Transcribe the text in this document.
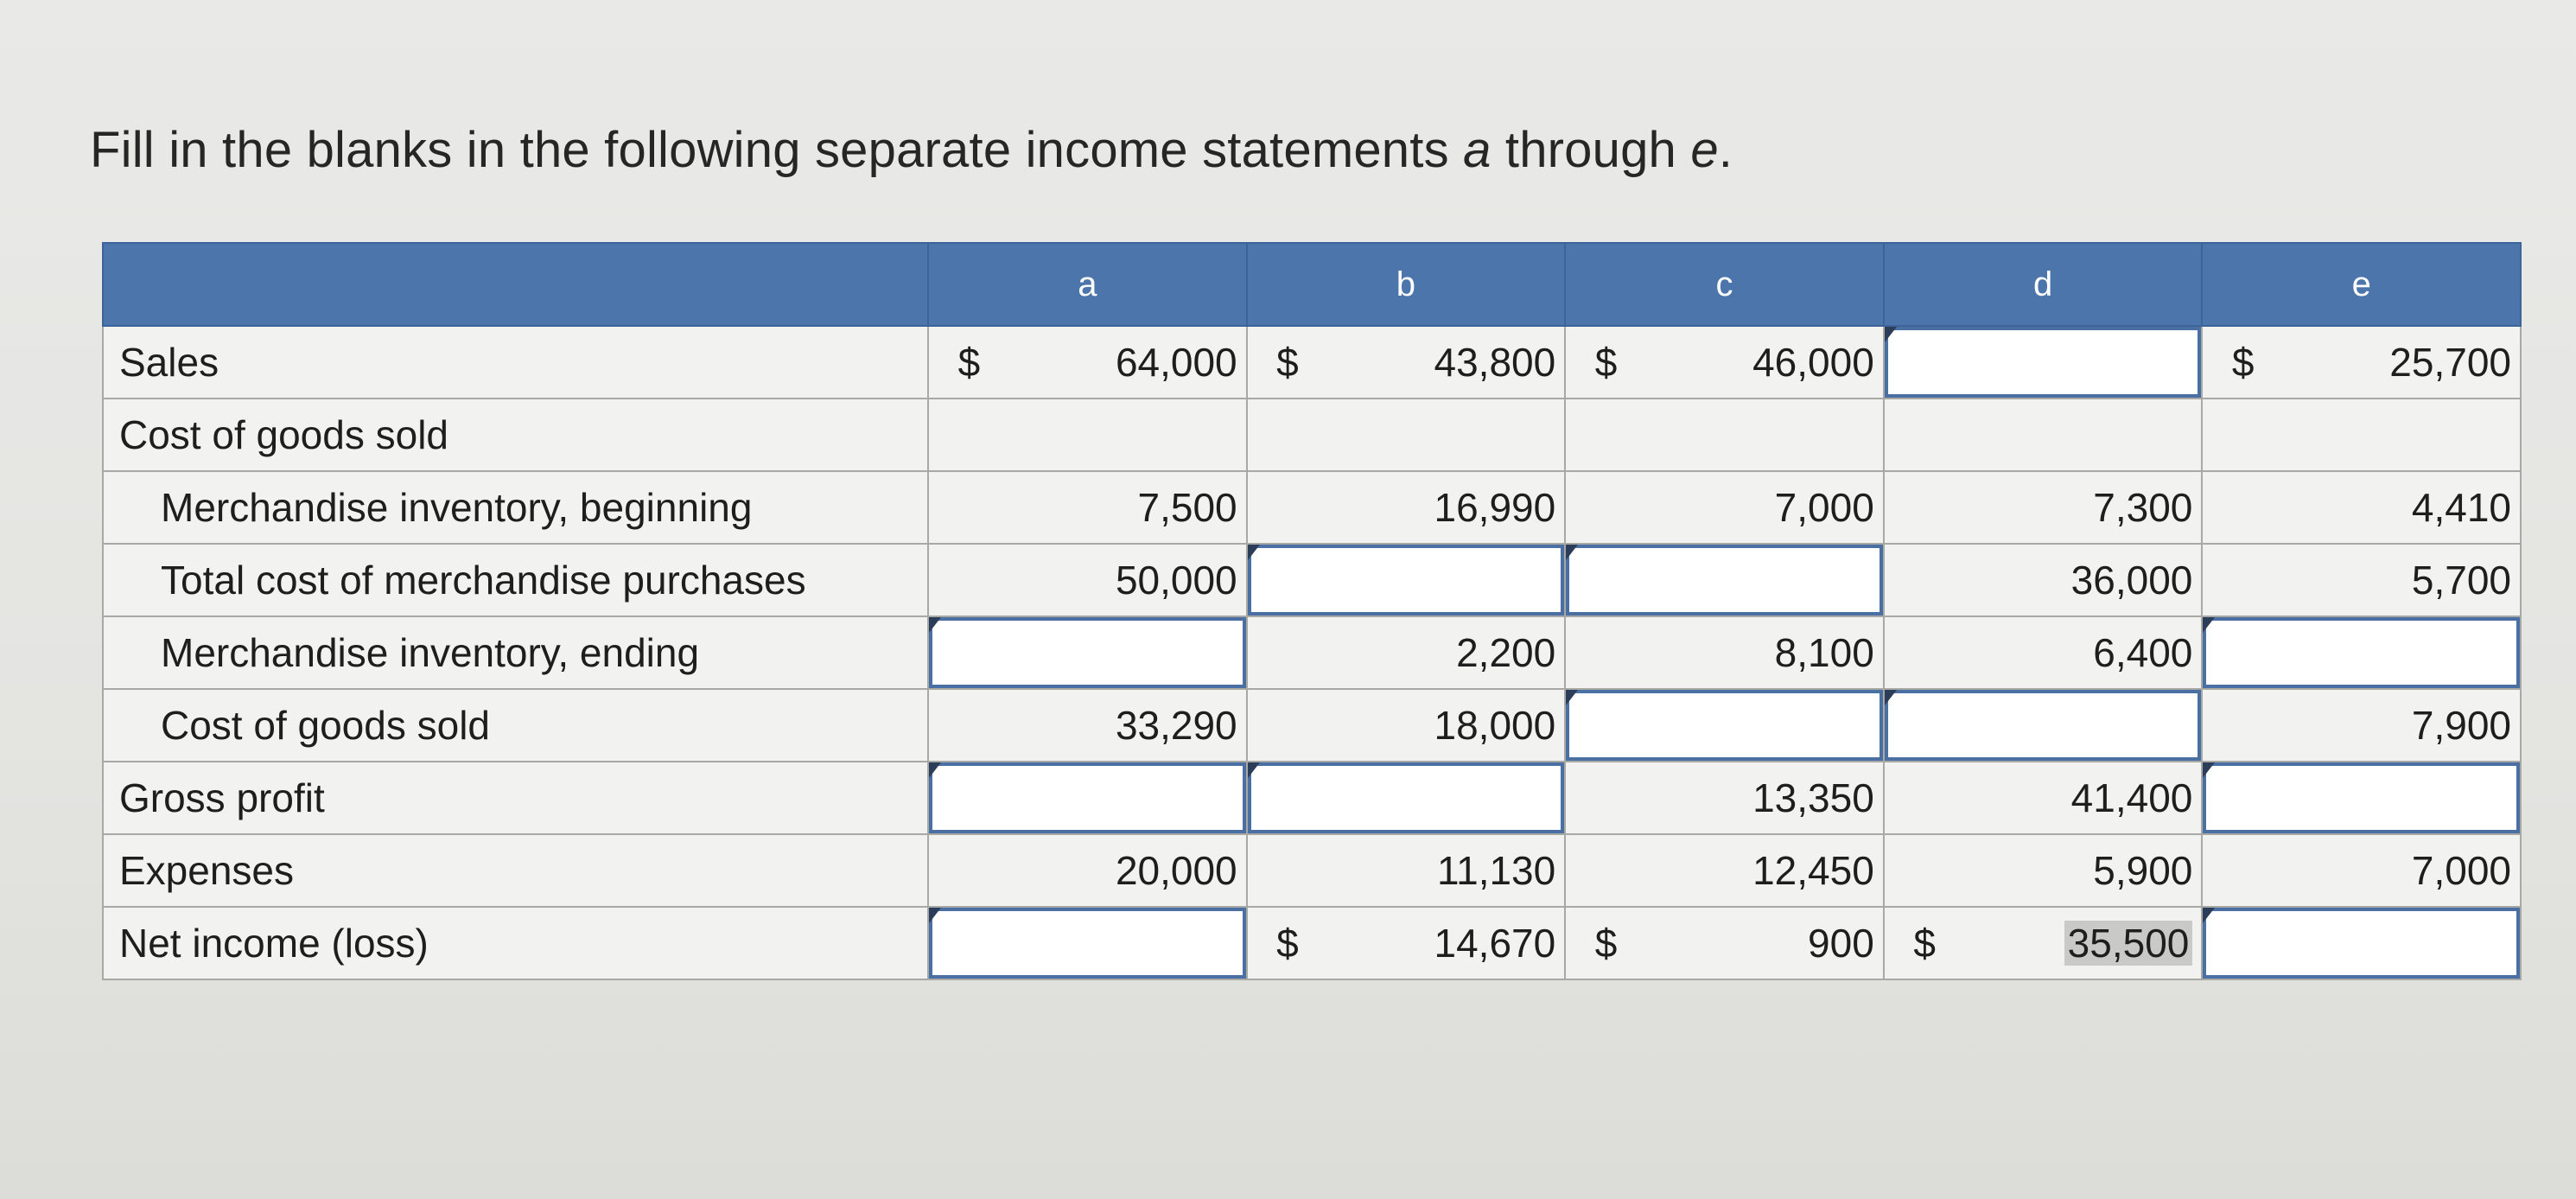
Fill in the blanks in the following separate income statements a through e.
	a		b		c		d		e	
Sales	$	64,000	$	43,800	$	46,000			$	25,700
Cost of goods sold										
Merchandise inventory, beginning		7,500		16,990		7,000		7,300		4,410
Total cost of merchandise purchases		50,000						36,000		5,700
Merchandise inventory, ending				2,200		8,100		6,400		
Cost of goods sold		33,290		18,000						7,900
Gross profit						13,350		41,400		
Expenses		20,000		11,130		12,450		5,900		7,000
Net income (loss)			$	14,670	$	900	$	35,500		
